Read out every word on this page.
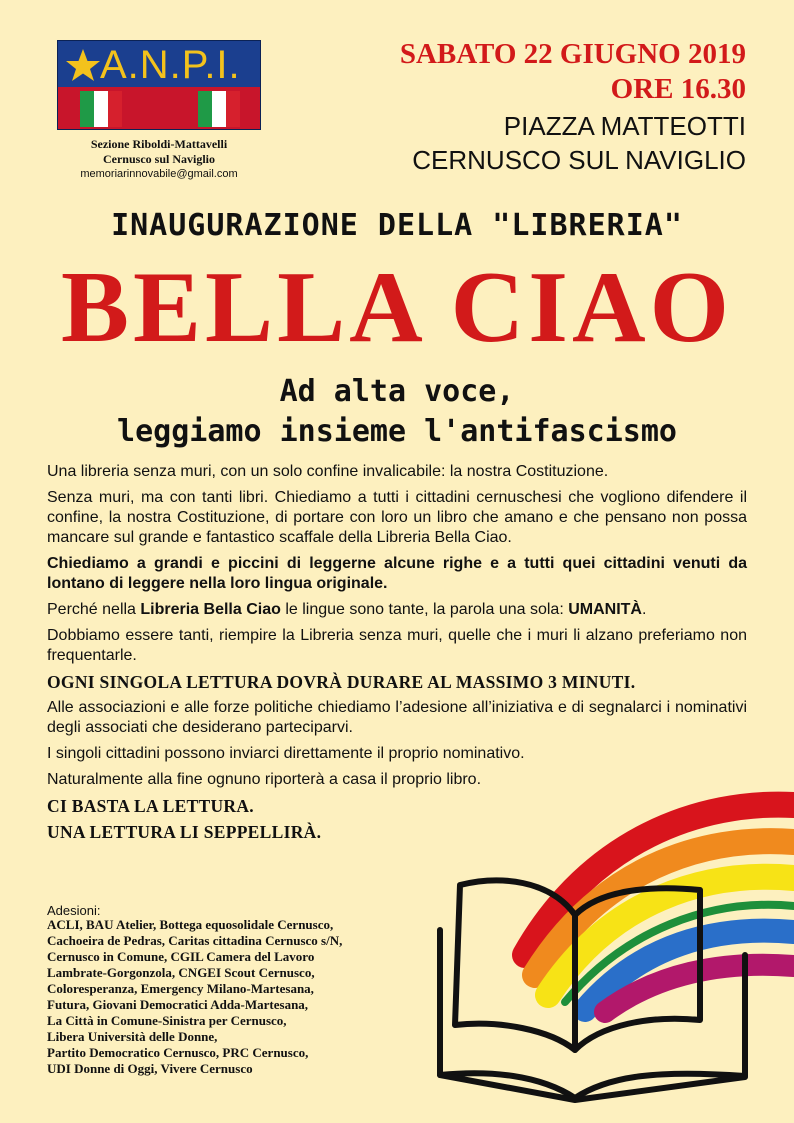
A.N.P.I.
Sezione Riboldi-Mattavelli
Cernusco sul Naviglio
memoriarinnovabile@gmail.com
SABATO 22 GIUGNO 2019
ORE 16.30
PIAZZA MATTEOTTI
CERNUSCO SUL NAVIGLIO
INAUGURAZIONE DELLA "LIBRERIA"
BELLA CIAO
Ad alta voce,
leggiamo insieme l'antifascismo

Una libreria senza muri, con un solo confine invalicabile: la nostra Costituzione.

Senza muri, ma con tanti libri. Chiediamo a tutti i cittadini cernuschesi che vogliono difendere il confine, la nostra Costituzione, di portare con loro un libro che amano e che pensano non possa mancare sul grande e fantastico scaffale della Libreria Bella Ciao.

Chiediamo a grandi e piccini di leggerne alcune righe e a tutti quei cittadini venuti da lontano di leggere nella loro lingua originale.

Perché nella Libreria Bella Ciao le lingue sono tante, la parola una sola: UMANITÀ.

Dobbiamo essere tanti, riempire la Libreria senza muri, quelle che i muri li alzano preferiamo non frequentarle.

OGNI SINGOLA LETTURA DOVRÀ DURARE AL MASSIMO 3 MINUTI.

Alle associazioni e alle forze politiche chiediamo l’adesione all’iniziativa e di segnalarci i nominativi degli associati che desiderano parteciparvi.

I singoli cittadini possono inviarci direttamente il proprio nominativo.

Naturalmente alla fine ognuno riporterà a casa il proprio libro.

CI BASTA LA LETTURA.

UNA LETTURA LI SEPPELLIRÀ.

Adesioni:
ACLI, BAU Atelier, Bottega equosolidale Cernusco,
Cachoeira de Pedras, Caritas cittadina Cernusco s/N,
Cernusco in Comune, CGIL Camera del Lavoro
Lambrate-Gorgonzola, CNGEI Scout Cernusco,
Coloresperanza, Emergency Milano-Martesana,
Futura, Giovani Democratici Adda-Martesana,
La Città in Comune-Sinistra per Cernusco,
Libera Università delle Donne,
Partito Democratico Cernusco, PRC Cernusco,
UDI Donne di Oggi, Vivere Cernusco
